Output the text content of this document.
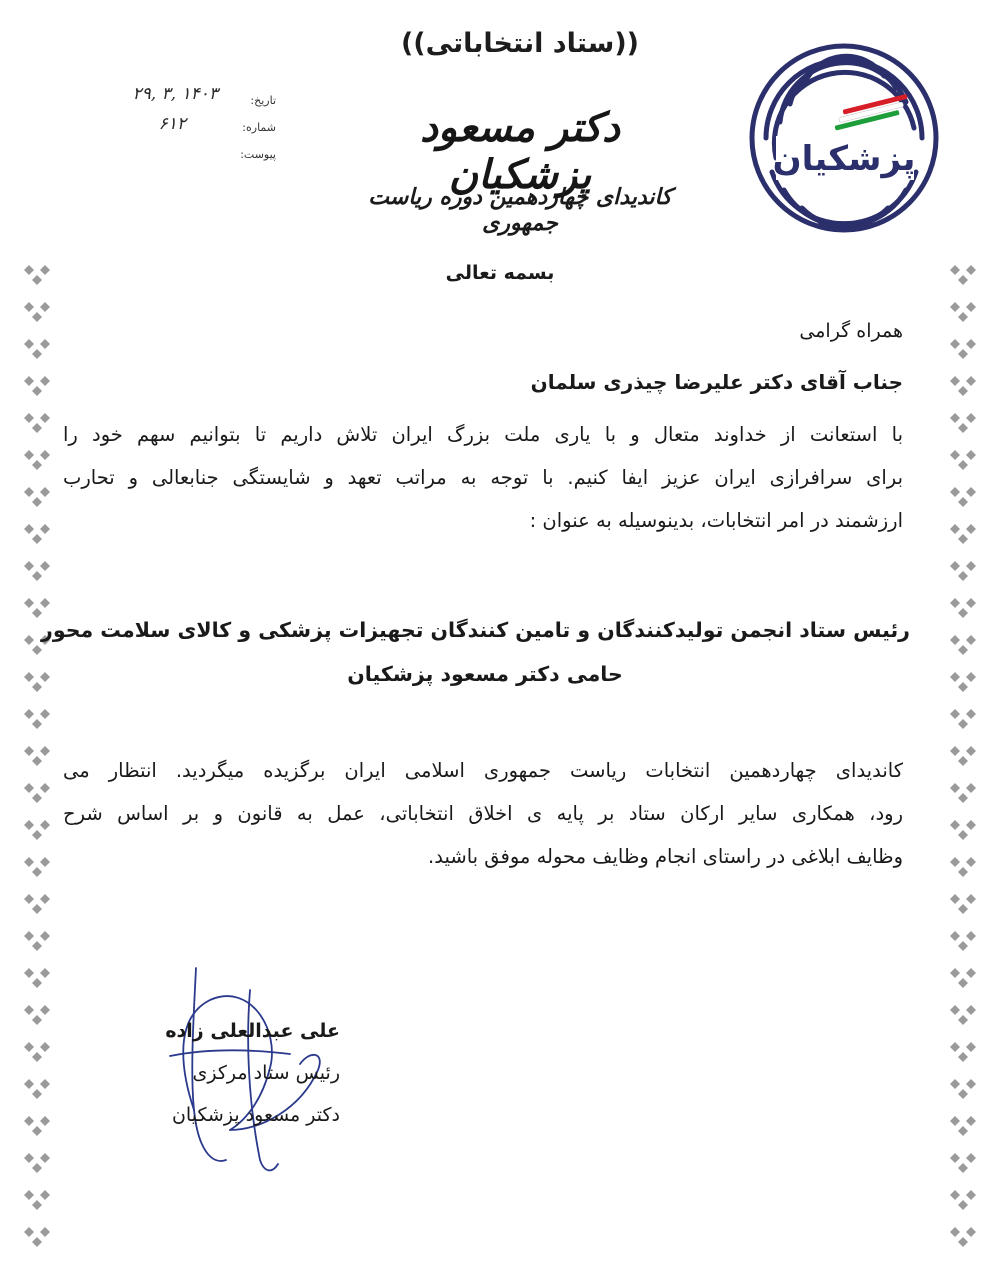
((ستاد انتخاباتی))
دکتر مسعود پزشکیان
کاندیدای چهاردهمین دوره ریاست جمهوری
تاریخ:
۱۴۰۳ ,۳ ,۲۹
شماره:
۶۱۲
پیوست:	پزشکیان
بسمه تعالی
همراه گرامی
جناب آقای دکتر علیرضا چیذری سلمان
با استعانت از خداوند متعال و با یاری ملت بزرگ ایران تلاش داریم تا بتوانیم سهم خود را
برای سرافرازی ایران عزیز ایفا کنیم. با توجه به مراتب تعهد و شایستگی جنابعالی و تحارب
ارزشمند در امر انتخابات، بدینوسیله به عنوان :
رئیس ستاد انجمن تولیدکنندگان و تامین کنندگان تجهیزات پزشکی و کالای سلامت محور
حامی دکتر مسعود پزشکیان
کاندیدای چهاردهمین انتخابات ریاست جمهوری اسلامی ایران برگزیده میگردید. انتظار می
رود، همکاری سایر ارکان ستاد بر پایه ی اخلاق انتخاباتی، عمل به قانون و بر اساس شرح
وظایف ابلاغی در راستای انجام وظایف محوله موفق باشید.
علی عبدالعلی زاده
رئیس ستاد مرکزی
دکتر مسعود پزشکیان
